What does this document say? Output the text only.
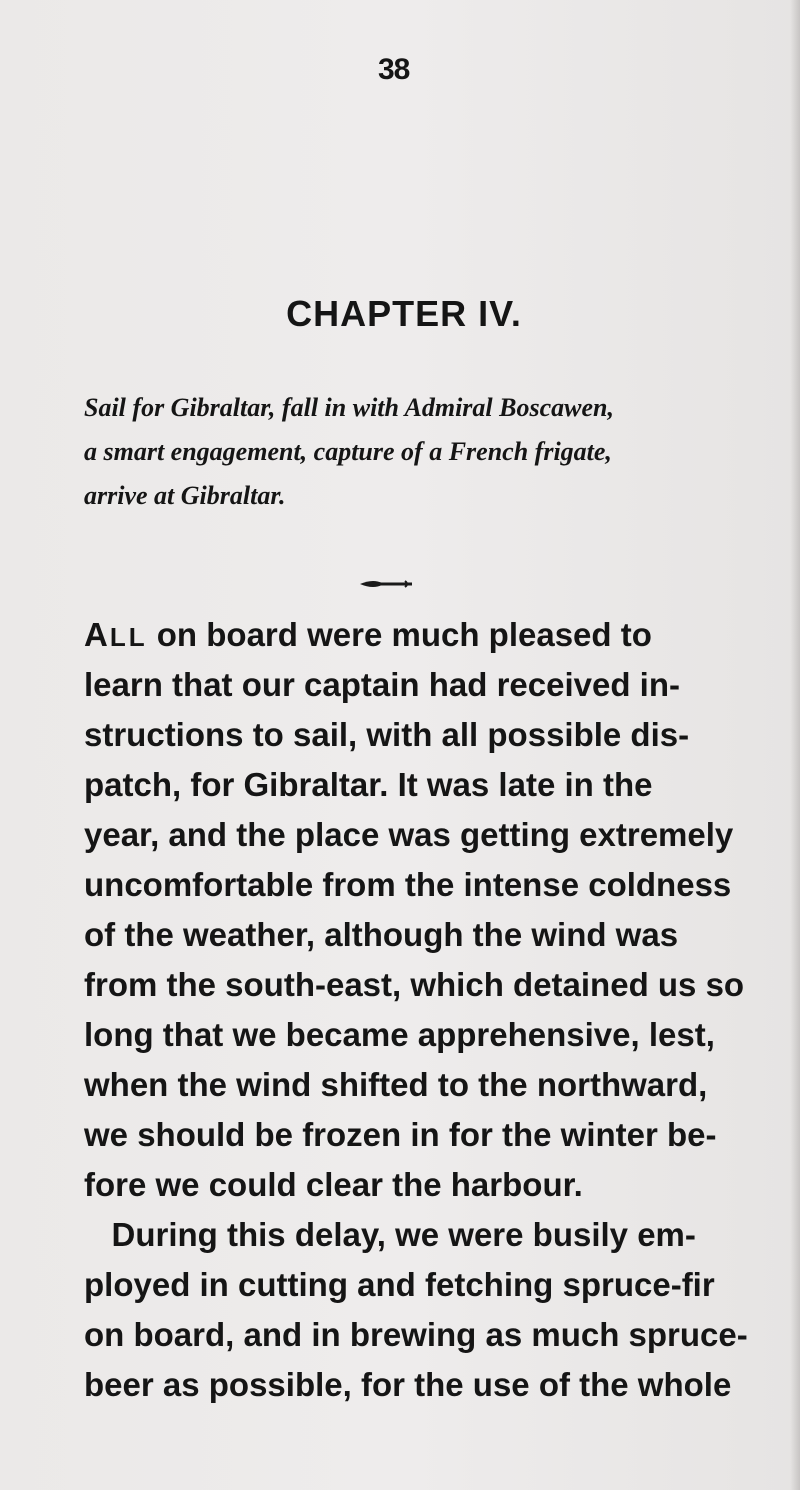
38
CHAPTER IV.
Sail for Gibraltar, fall in with Admiral Boscawen,
a smart engagement, capture of a French frigate,
arrive at Gibraltar.
ALL on board were much pleased to
learn that our captain had received in-
structions to sail, with all possible dis-
patch, for Gibraltar. It was late in the
year, and the place was getting extremely
uncomfortable from the intense coldness
of the weather, although the wind was
from the south-east, which detained us so
long that we became apprehensive, lest,
when the wind shifted to the northward,
we should be frozen in for the winter be-
fore we could clear the harbour.
During this delay, we were busily em-
ployed in cutting and fetching spruce-fir
on board, and in brewing as much spruce-
beer as possible, for the use of the whole
